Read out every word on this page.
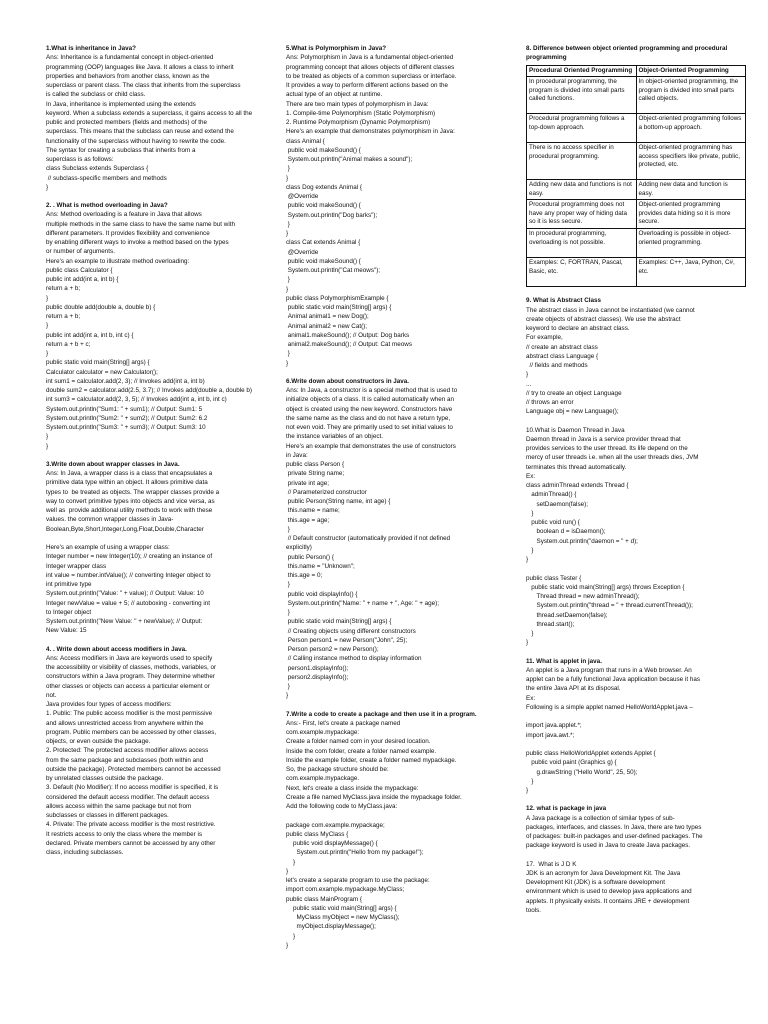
1.What is inheritance in Java?
Ans: Inheritance is a fundamental concept in object-oriented
programming (OOP) languages like Java. It allows a class to inherit
properties and behaviors from another class, known as the
superclass or parent class. The class that inherits from the superclass
is called the subclass or child class.
In Java, inheritance is implemented using the extends
keyword. When a subclass extends a superclass, it gains access to all the
public and protected members (fields and methods) of the
superclass. This means that the subclass can reuse and extend the
functionality of the superclass without having to rewrite the code.
The syntax for creating a subclass that inherits from a
superclass is as follows:
class Subclass extends Superclass {
// subclass-specific members and methods
}
2. . What is method overloading in Java?
Ans: Method overloading is a feature in Java that allows
multiple methods in the same class to have the same name but with
different parameters. It provides flexibility and convenience
by enabling different ways to invoke a method based on the types
or number of arguments.
Here's an example to illustrate method overloading:
public class Calculator {
public int add(int a, int b) {
return a + b;
}
public double add(double a, double b) {
return a + b;
}
public int add(int a, int b, int c) {
return a + b + c;
}
public static void main(String[] args) {
Calculator calculator = new Calculator();
int sum1 = calculator.add(2, 3); // Invokes add(int a, int b)
double sum2 = calculator.add(2.5, 3.7); // Invokes add(double a, double b)
int sum3 = calculator.add(2, 3, 5); // Invokes add(int a, int b, int c)
System.out.println("Sum1: " + sum1); // Output: Sum1: 5
System.out.println("Sum2: " + sum2); // Output: Sum2: 6.2
System.out.println("Sum3: " + sum3); // Output: Sum3: 10
}
}
3.Write down about wrapper classes in Java.
Ans: In Java, a wrapper class is a class that encapsulates a
primitive data type within an object. It allows primitive data
types to  be treated as objects. The wrapper classes provide a
way to convert primitive types into objects and vice versa, as
well as  provide additional utility methods to work with these
values. the common wrapper classes in Java-
Boolean,Byte,Short,Integer,Long,Float,Double,Character

Here's an example of using a wrapper class:
Integer number = new Integer(10); // creating an instance of
Integer wrapper class
int value = number.intValue(); // converting Integer object to
int primitive type
System.out.println("Value: " + value); // Output: Value: 10
Integer newValue = value + 5; // autoboxing - converting int
to Integer object
System.out.println("New Value: " + newValue); // Output:
New Value: 15
4. . Write down about access modifiers in Java.
Ans: Access modifiers in Java are keywords used to specify
the accessibility or visibility of classes, methods, variables, or
constructors within a Java program. They determine whether
other classes or objects can access a particular element or
not.
Java provides four types of access modifiers:
1. Public: The public access modifier is the most permissive
and allows unrestricted access from anywhere within the
program. Public members can be accessed by other classes,
objects, or even outside the package.
2. Protected: The protected access modifier allows access
from the same package and subclasses (both within and
outside the package). Protected members cannot be accessed
by unrelated classes outside the package.
3. Default (No Modifier): If no access modifier is specified, it is
considered the default access modifier. The default access
allows access within the same package but not from
subclasses or classes in different packages.
4. Private: The private access modifier is the most restrictive.
It restricts access to only the class where the member is
declared. Private members cannot be accessed by any other
class, including subclasses.
5.What is Polymorphism in Java?
Ans: Polymorphism in Java is a fundamental object-oriented
programming concept that allows objects of different classes
to be treated as objects of a common superclass or interface.
It provides a way to perform different actions based on the
actual type of an object at runtime.
There are two main types of polymorphism in Java:
1. Compile-time Polymorphism (Static Polymorphism)
2. Runtime Polymorphism (Dynamic Polymorphism)
Here's an example that demonstrates polymorphism in Java:
class Animal {
public void makeSound() {
System.out.println("Animal makes a sound");
}
}
class Dog extends Animal {
@Override
public void makeSound() {
System.out.println("Dog barks");
}
}
class Cat extends Animal {
@Override
public void makeSound() {
System.out.println("Cat meows");
}
}
public class PolymorphismExample {
public static void main(String[] args) {
Animal animal1 = new Dog();
Animal animal2 = new Cat();
animal1.makeSound(); // Output: Dog barks
animal2.makeSound(); // Output: Cat meows
}
}
6.Write down about constructors in Java.
Ans: In Java, a constructor is a special method that is used to
initialize objects of a class. It is called automatically when an
object is created using the new keyword. Constructors have
the same name as the class and do not have a return type,
not even void. They are primarily used to set initial values to
the instance variables of an object.
Here's an example that demonstrates the use of constructors
in Java:
public class Person {
private String name;
private int age;
// Parameterized constructor
public Person(String name, int age) {
this.name = name;
this.age = age;
}
// Default constructor (automatically provided if not defined
explicitly)
public Person() {
this.name = "Unknown";
this.age = 0;
}
public void displayInfo() {
System.out.println("Name: " + name + ", Age: " + age);
}
public static void main(String[] args) {
// Creating objects using different constructors
Person person1 = new Person("John", 25);
Person person2 = new Person();
// Calling instance method to display information
person1.displayInfo();
person2.displayInfo();
}
}
7.Write a code to create a package and then use it in a program.
Ans:- First, let's create a package named
com.example.mypackage:
Create a folder named com in your desired location.
Inside the com folder, create a folder named example.
Inside the example folder, create a folder named mypackage.
So, the package structure should be:
com.example.mypackage.
Next, let's create a class inside the mypackage:
Create a file named MyClass.java inside the mypackage folder.
Add the following code to MyClass.java:

package com.example.mypackage;
public class MyClass {
public void displayMessage() {
System.out.println("Hello from my package!");
}
}
let's create a separate program to use the package:
import com.example.mypackage.MyClass;
public class MainProgram {
public static void main(String[] args) {
MyClass myObject = new MyClass();
myObject.displayMessage();
}
}
8. Difference between object oriented programming and procedural programming
Procedural Oriented Programming	Object-Oriented Programming
In procedural programming, the program is divided into small parts called functions.	In object-oriented programming, the program is divided into small parts called objects.
Procedural programming follows a top-down approach.	Object-oriented programming follows a bottom-up approach.
There is no access specifier in procedural programming.	Object-oriented programming has access specifiers like private, public, protected, etc.
Adding new data and functions is not easy.	Adding new data and function is easy.
Procedural programming does not have any proper way of hiding data so it is less secure.	Object-oriented programming provides data hiding so it is more secure.
In procedural programming, overloading is not possible.	Overloading is possible in object-oriented programming.
Examples: C, FORTRAN, Pascal, Basic, etc.	Examples: C++, Java, Python, C#, etc.
9. What is Abstract Class
The abstract class in Java cannot be instantiated (we cannot
create objects of abstract classes). We use the abstract
keyword to declare an abstract class.
For example,
// create an abstract class
abstract class Language {
// fields and methods
}
...
// try to create an object Language
// throws an error
Language obj = new Language();
10.What is Daemon Thread in Java
Daemon thread in Java is a service provider thread that
provides services to the user thread. Its life depend on the
mercy of user threads i.e. when all the user threads dies, JVM
terminates this thread automatically.
Ex:
class adminThread extends Thread {
adminThread() {
setDaemon(false);
}
public void run() {
boolean d = isDaemon();
System.out.println("daemon = " + d);
}
}

public class Tester {
public static void main(String[] args) throws Exception {
Thread thread = new adminThread();
System.out.println("thread = " + thread.currentThread());
thread.setDaemon(false);
thread.start();
}
}
11. What is applet in java.
An applet is a Java program that runs in a Web browser. An
applet can be a fully functional Java application because it has
the entire Java API at its disposal.
Ex:
Following is a simple applet named HelloWorldApplet.java –

import java.applet.*;
import java.awt.*;

public class HelloWorldApplet extends Applet {
public void paint (Graphics g) {
g.drawString ("Hello World", 25, 50);
}
}
12. what is package in java
A Java package is a collection of similar types of sub-
packages, interfaces, and classes. In Java, there are two types
of packages: built-in packages and user-defined packages. The
package keyword is used in Java to create Java packages.
17.  What is J D K
JDK is an acronym for Java Development Kit. The Java
Development Kit (JDK) is a software development
environment which is used to develop java applications and
applets. It physically exists. It contains JRE + development
tools.
